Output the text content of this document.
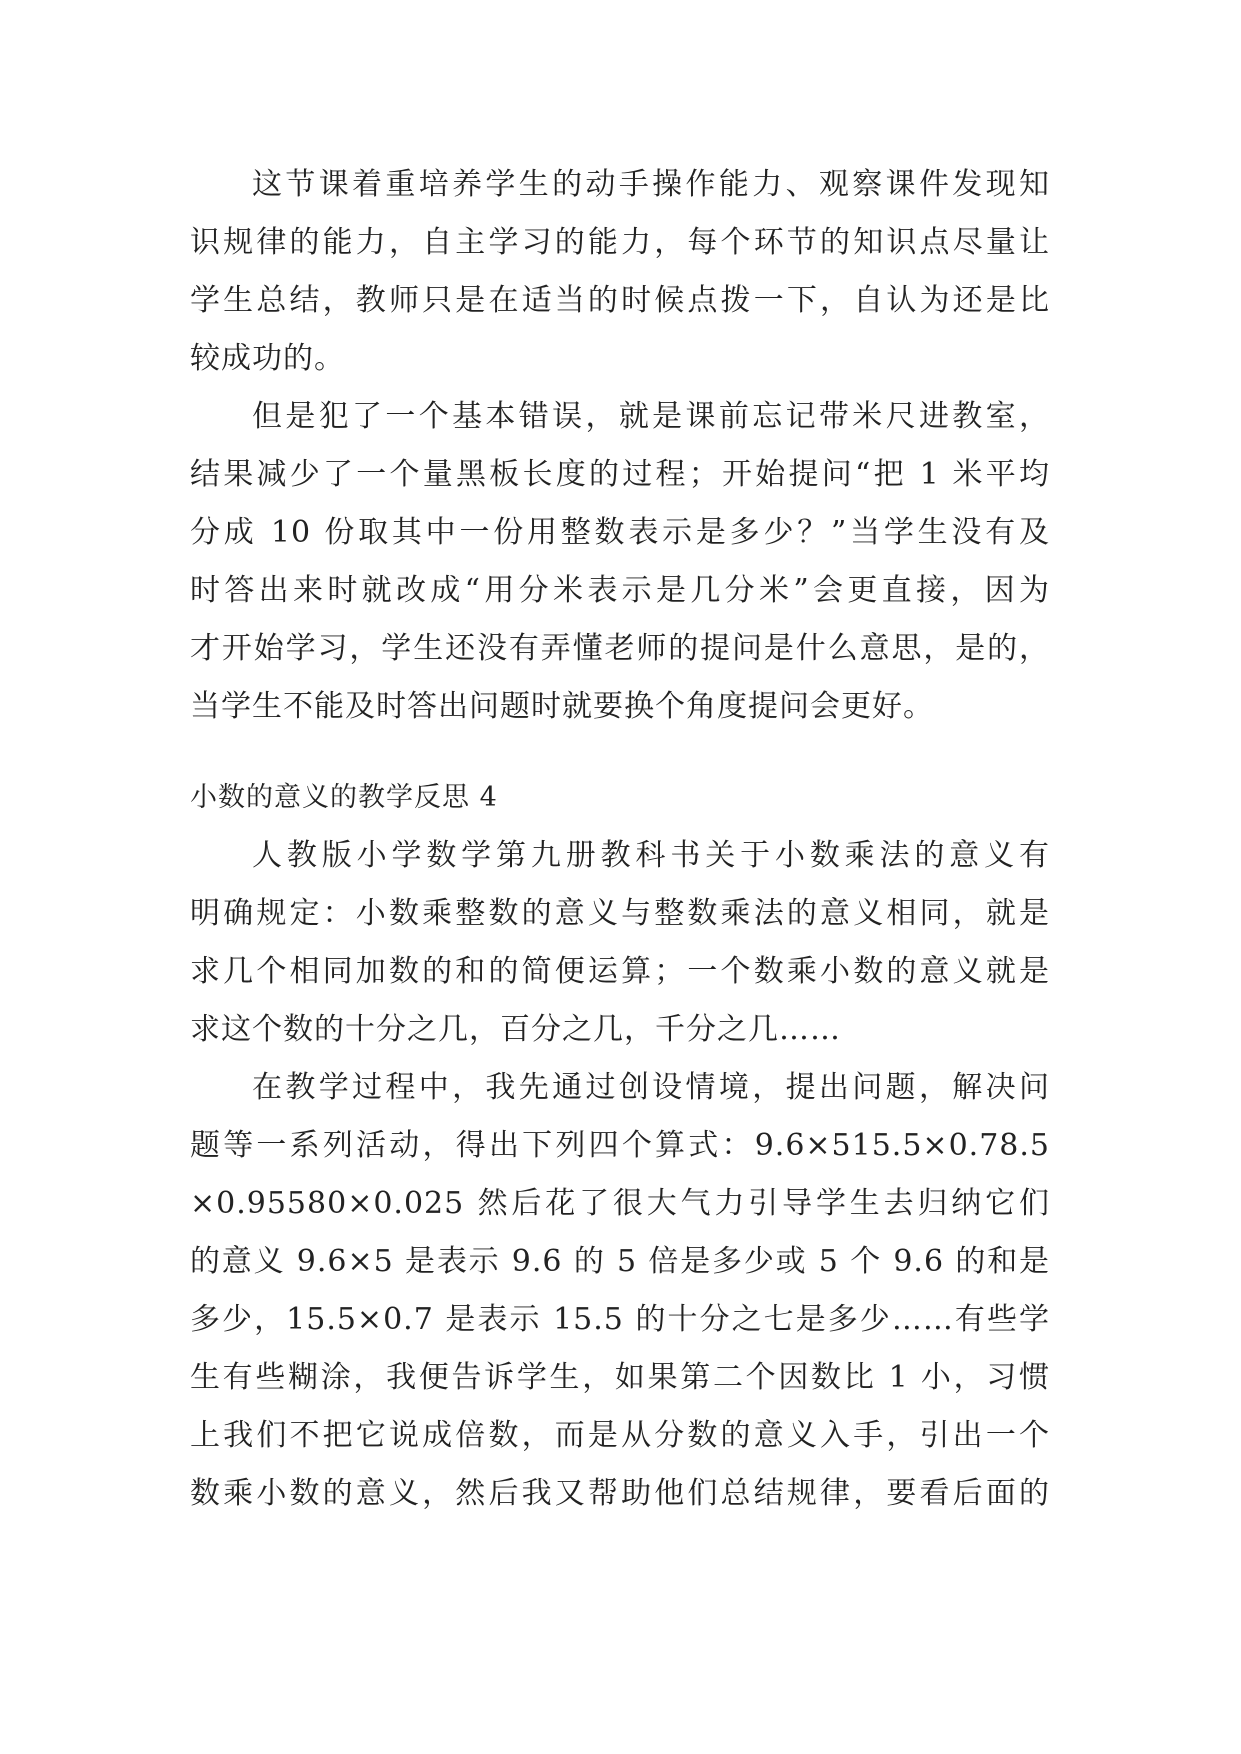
这节课着重培养学生的动手操作能力、观察课件发现知
识规律的能力，自主学习的能力，每个环节的知识点尽量让
学生总结，教师只是在适当的时候点拨一下，自认为还是比
较成功的。
但是犯了一个基本错误，就是课前忘记带米尺进教室，
结果减少了一个量黑板长度的过程；开始提问“把 1 米平均
分成 10 份取其中一份用整数表示是多少？”当学生没有及
时答出来时就改成“用分米表示是几分米”会更直接，因为
才开始学习，学生还没有弄懂老师的提问是什么意思，是的，
当学生不能及时答出问题时就要换个角度提问会更好。
小数的意义的教学反思 4
人教版小学数学第九册教科书关于小数乘法的意义有
明确规定：小数乘整数的意义与整数乘法的意义相同，就是
求几个相同加数的和的简便运算；一个数乘小数的意义就是
求这个数的十分之几，百分之几，千分之几……
在教学过程中，我先通过创设情境，提出问题，解决问
题等一系列活动，得出下列四个算式：9.6×515.5×0.78.5
×0.95580×0.025 然后花了很大气力引导学生去归纳它们
的意义 9.6×5 是表示 9.6 的 5 倍是多少或 5 个 9.6 的和是
多少，15.5×0.7 是表示 15.5 的十分之七是多少……有些学
生有些糊涂，我便告诉学生，如果第二个因数比 1 小，习惯
上我们不把它说成倍数，而是从分数的意义入手，引出一个
数乘小数的意义，然后我又帮助他们总结规律，要看后面的
